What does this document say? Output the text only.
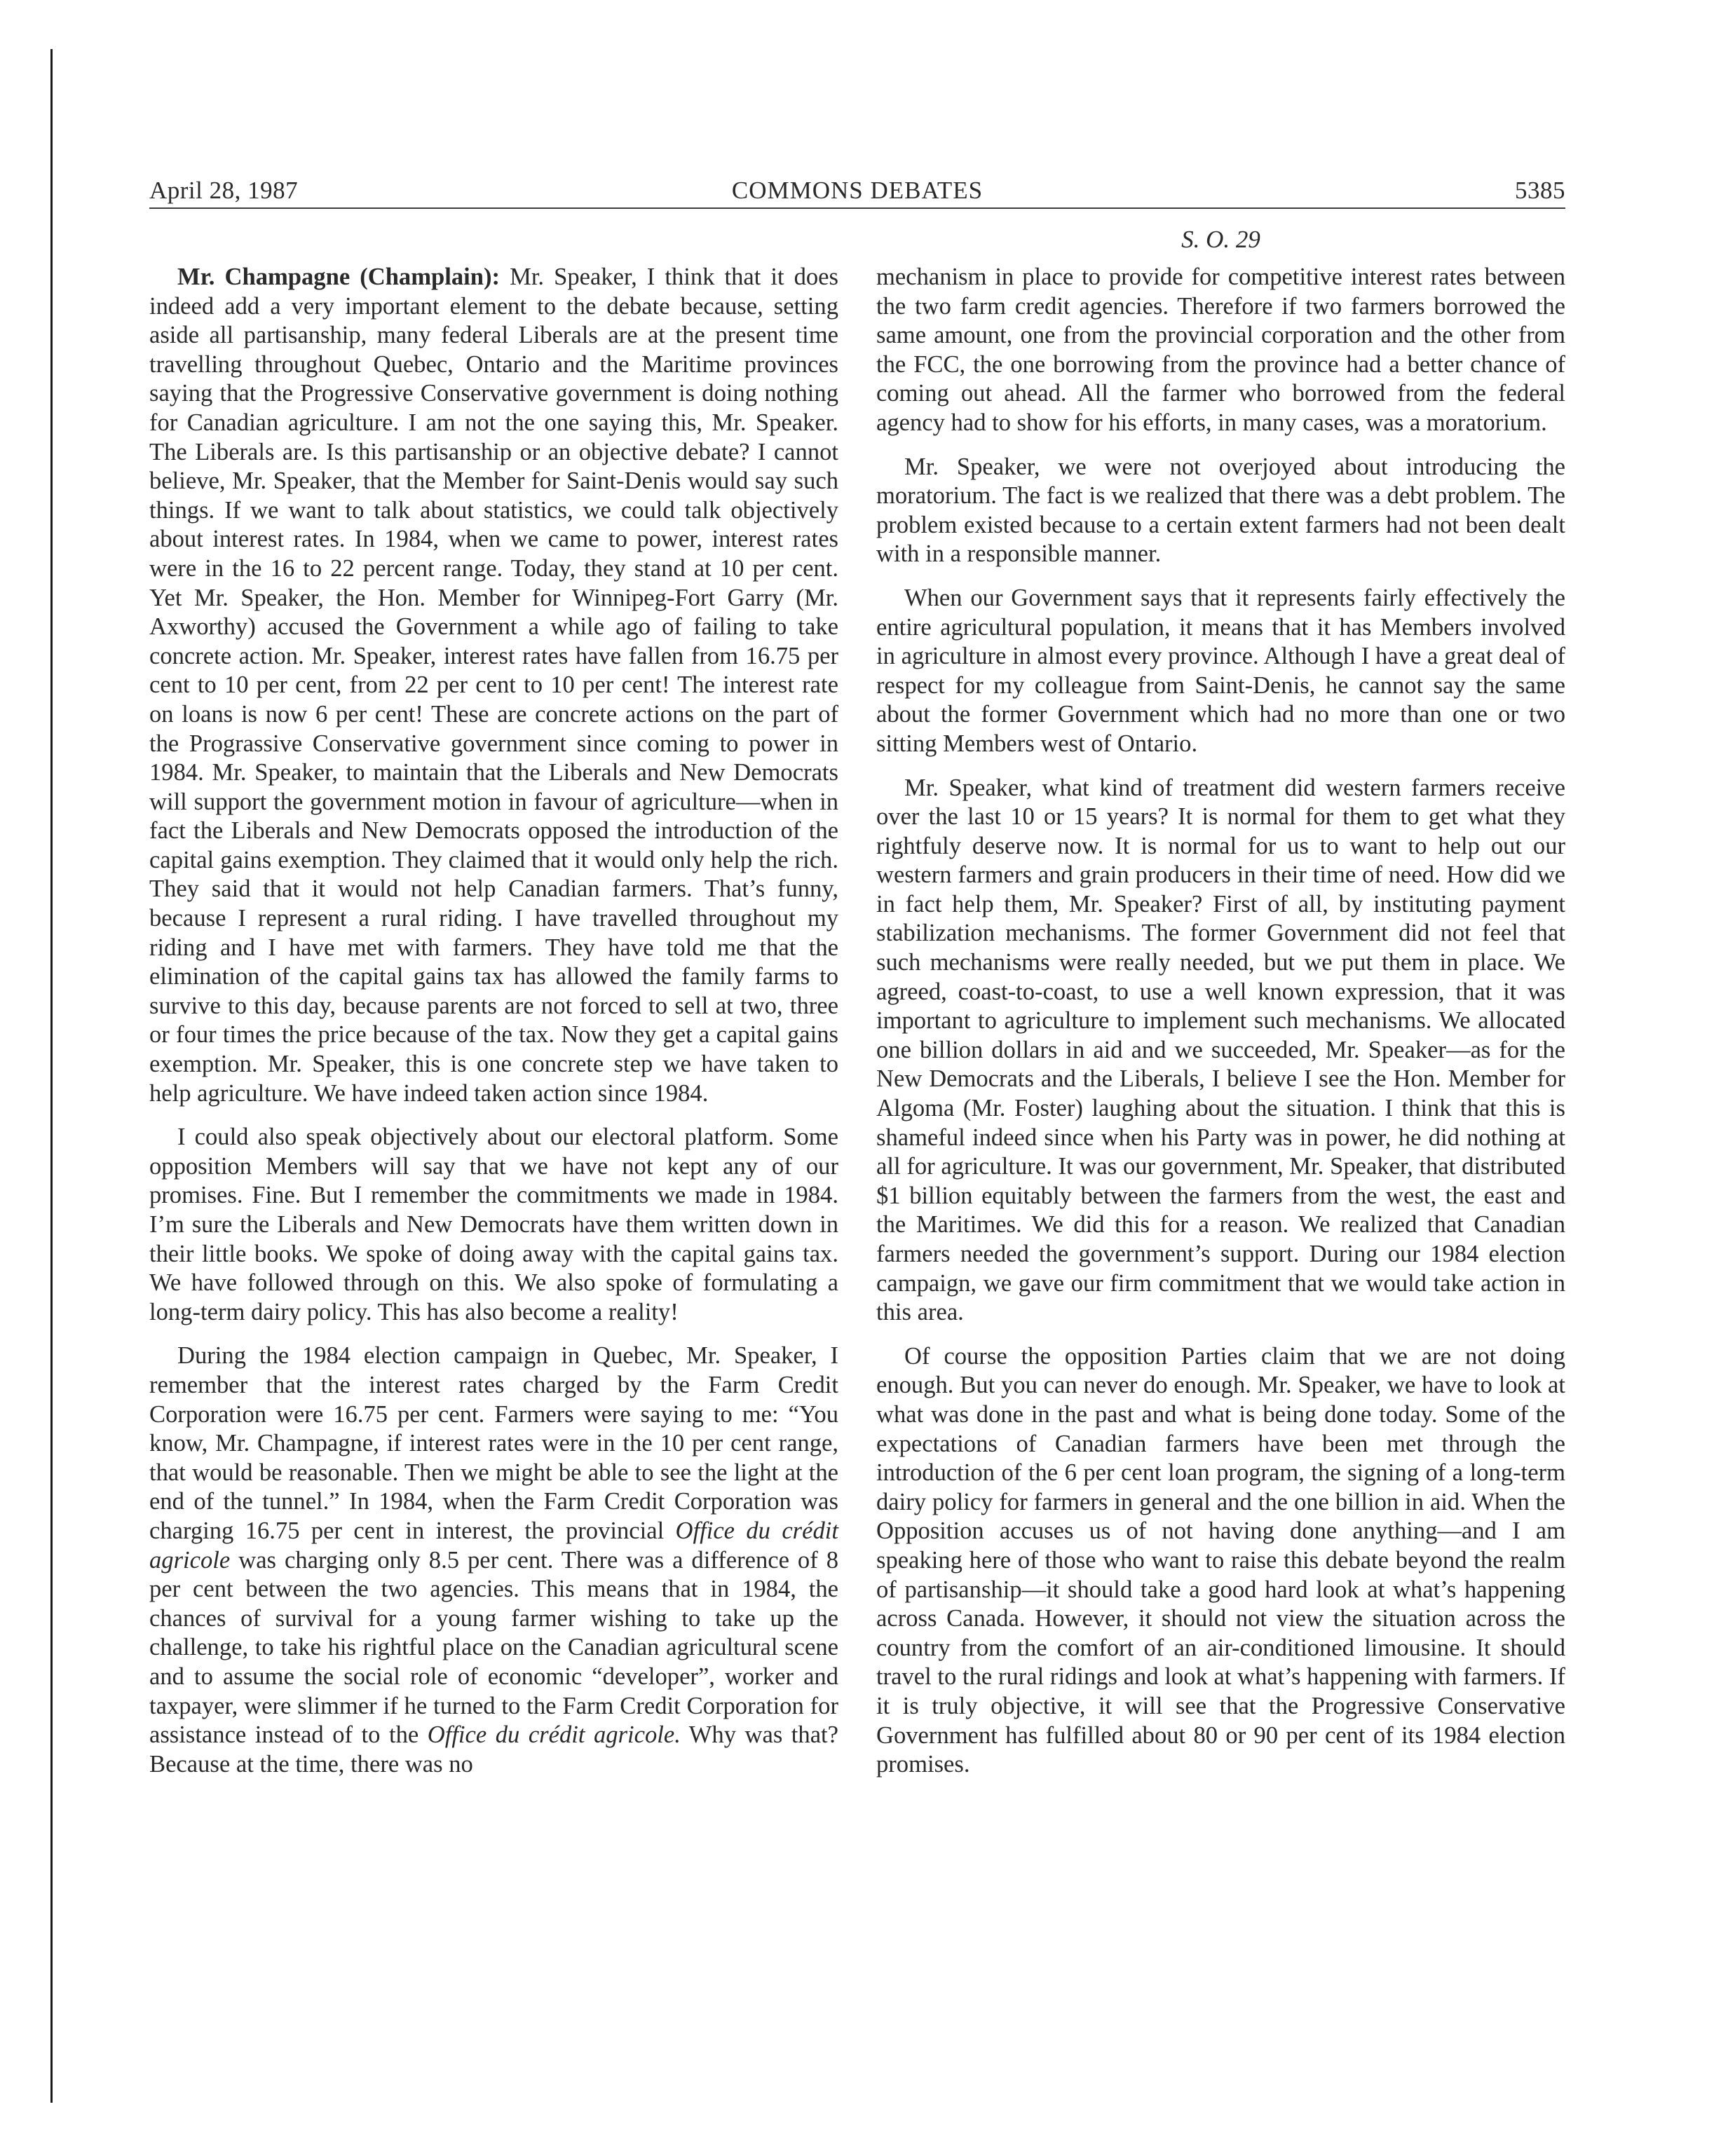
April 28, 1987	COMMONS DEBATES	5385
S. O. 29

Mr. Champagne (Champlain): Mr. Speaker, I think that it does indeed add a very important element to the debate because, setting aside all partisanship, many federal Liberals are at the present time travelling throughout Quebec, Ontario and the Maritime provinces saying that the Progressive Conservative government is doing nothing for Canadian agriculture. I am not the one saying this, Mr. Speaker. The Liberals are. Is this partisanship or an objective debate? I cannot believe, Mr. Speaker, that the Member for Saint-Denis would say such things. If we want to talk about statistics, we could talk objectively about interest rates. In 1984, when we came to power, interest rates were in the 16 to 22 percent range. Today, they stand at 10 per cent. Yet Mr. Speaker, the Hon. Member for Winnipeg-Fort Garry (Mr. Axworthy) accused the Government a while ago of failing to take concrete action. Mr. Speaker, interest rates have fallen from 16.75 per cent to 10 per cent, from 22 per cent to 10 per cent! The interest rate on loans is now 6 per cent! These are concrete actions on the part of the Prograssive Conservative government since coming to power in 1984. Mr. Speaker, to maintain that the Liberals and New Democrats will support the government motion in favour of agriculture—when in fact the Liberals and New Democrats opposed the introduction of the capital gains exemption. They claimed that it would only help the rich. They said that it would not help Canadian farmers. That’s funny, because I represent a rural riding. I have travelled throughout my riding and I have met with farmers. They have told me that the elimination of the capital gains tax has allowed the family farms to survive to this day, because parents are not forced to sell at two, three or four times the price because of the tax. Now they get a capital gains exemption. Mr. Speaker, this is one concrete step we have taken to help agriculture. We have indeed taken action since 1984.

I could also speak objectively about our electoral platform. Some opposition Members will say that we have not kept any of our promises. Fine. But I remember the commitments we made in 1984. I’m sure the Liberals and New Democrats have them written down in their little books. We spoke of doing away with the capital gains tax. We have followed through on this. We also spoke of formulating a long-term dairy policy. This has also become a reality!

During the 1984 election campaign in Quebec, Mr. Speaker, I remember that the interest rates charged by the Farm Credit Corporation were 16.75 per cent. Farmers were saying to me: “You know, Mr. Champagne, if interest rates were in the 10 per cent range, that would be reasonable. Then we might be able to see the light at the end of the tunnel.” In 1984, when the Farm Credit Corporation was charging 16.75 per cent in interest, the provincial Office du crédit agricole was charging only 8.5 per cent. There was a difference of 8 per cent between the two agencies. This means that in 1984, the chances of survival for a young farmer wishing to take up the challenge, to take his rightful place on the Canadian agricultural scene and to assume the social role of economic “developer”, worker and taxpayer, were slimmer if he turned to the Farm Credit Corporation for assistance instead of to the Office du crédit agricole. Why was that? Because at the time, there was no

mechanism in place to provide for competitive interest rates between the two farm credit agencies. Therefore if two farmers borrowed the same amount, one from the provincial corporation and the other from the FCC, the one borrowing from the province had a better chance of coming out ahead. All the farmer who borrowed from the federal agency had to show for his efforts, in many cases, was a moratorium.

Mr. Speaker, we were not overjoyed about introducing the moratorium. The fact is we realized that there was a debt problem. The problem existed because to a certain extent farmers had not been dealt with in a responsible manner.

When our Government says that it represents fairly effectively the entire agricultural population, it means that it has Members involved in agriculture in almost every province. Although I have a great deal of respect for my colleague from Saint-Denis, he cannot say the same about the former Government which had no more than one or two sitting Members west of Ontario.

Mr. Speaker, what kind of treatment did western farmers receive over the last 10 or 15 years? It is normal for them to get what they rightfuly deserve now. It is normal for us to want to help out our western farmers and grain producers in their time of need. How did we in fact help them, Mr. Speaker? First of all, by instituting payment stabilization mechanisms. The former Government did not feel that such mechanisms were really needed, but we put them in place. We agreed, coast-to-coast, to use a well known expression, that it was important to agriculture to implement such mechanisms. We allocated one billion dollars in aid and we succeeded, Mr. Speaker—as for the New Democrats and the Liberals, I believe I see the Hon. Member for Algoma (Mr. Foster) laughing about the situation. I think that this is shameful indeed since when his Party was in power, he did nothing at all for agriculture. It was our government, Mr. Speaker, that distributed $1 billion equitably between the farmers from the west, the east and the Maritimes. We did this for a reason. We realized that Canadian farmers needed the government’s support. During our 1984 election campaign, we gave our firm commitment that we would take action in this area.

Of course the opposition Parties claim that we are not doing enough. But you can never do enough. Mr. Speaker, we have to look at what was done in the past and what is being done today. Some of the expectations of Canadian farmers have been met through the introduction of the 6 per cent loan program, the signing of a long-term dairy policy for farmers in general and the one billion in aid. When the Opposition accuses us of not having done anything—and I am speaking here of those who want to raise this debate beyond the realm of partisanship—it should take a good hard look at what’s happening across Canada. However, it should not view the situation across the country from the comfort of an air-conditioned limousine. It should travel to the rural ridings and look at what’s happening with farmers. If it is truly objective, it will see that the Progressive Conservative Government has fulfilled about 80 or 90 per cent of its 1984 election promises.
